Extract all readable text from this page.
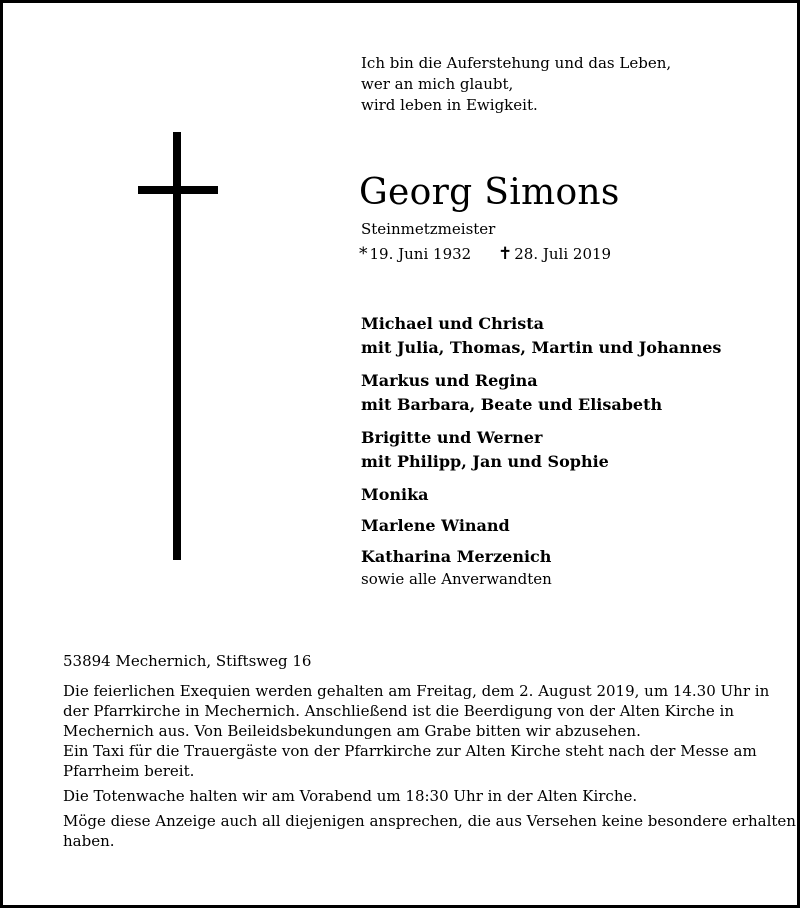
Ich bin die Auferstehung und das Leben,
wer an mich glaubt,
wird leben in Ewigkeit.
Georg Simons
Steinmetzmeister
* 19. Juni 1932 ✝ 28. Juli 2019
Michael und Christa
mit Julia, Thomas, Martin und Johannes
Markus und Regina
mit Barbara, Beate und Elisabeth
Brigitte und Werner
mit Philipp, Jan und Sophie
Monika
Marlene Winand
Katharina Merzenich
sowie alle Anverwandten
53894 Mechernich, Stiftsweg 16
Die feierlichen Exequien werden gehalten am Freitag, dem 2. August 2019, um 14.30 Uhr in
der Pfarrkirche in Mechernich. Anschließend ist die Beerdigung von der Alten Kirche in
Mechernich aus. Von Beileidsbekundungen am Grabe bitten wir abzusehen.
Ein Taxi für die Trauergäste von der Pfarrkirche zur Alten Kirche steht nach der Messe am
Pfarrheim bereit.
Die Totenwache halten wir am Vorabend um 18:30 Uhr in der Alten Kirche.
Möge diese Anzeige auch all diejenigen ansprechen, die aus Versehen keine besondere erhalten
haben.
